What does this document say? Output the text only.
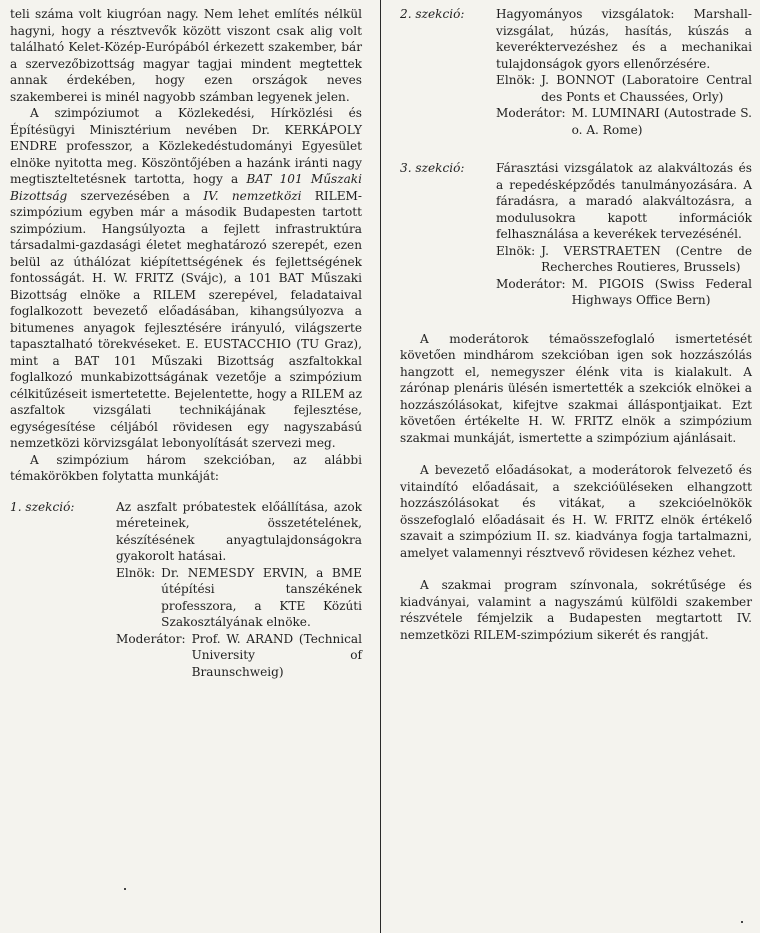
teli száma volt kiugróan nagy. Nem lehet említés nélkül hagyni, hogy a résztvevők között viszont csak alig volt található Kelet-Közép-Európából érkezett szakember, bár a szervezőbizottság magyar tagjai mindent megtettek annak érdekében, hogy ezen országok neves szakemberei is minél nagyobb számban legyenek jelen.

A szimpóziumot a Közlekedési, Hírközlési és Építésügyi Minisztérium nevében Dr. KERKÁPOLY ENDRE professzor, a Közlekedéstudományi Egyesület elnöke nyitotta meg. Köszöntőjében a hazánk iránti nagy megtiszteltetésnek tartotta, hogy a BAT 101 Műszaki Bizottság szervezésében a IV. nemzetközi RILEM-szimpózium egyben már a második Budapesten tartott szimpózium. Hangsúlyozta a fejlett infrastruktúra társadalmi-gazdasági életet meghatározó szerepét, ezen belül az úthálózat kiépítettségének és fejlettségének fontosságát. H. W. FRITZ (Svájc), a 101 BAT Műszaki Bizottság elnöke a RILEM szerepével, feladataival foglalkozott bevezető előadásában, kihangsúlyozva a bitumenes anyagok fejlesztésére irányuló, világszerte tapasztalható törekvéseket. E. EUSTACCHIO (TU Graz), mint a BAT 101 Műszaki Bizottság aszfaltokkal foglalkozó munkabizottságának vezetője a szimpózium célkitűzéseit ismertetette. Bejelentette, hogy a RILEM az aszfaltok vizsgálati technikájának fejlesztése, egységesítése céljából rövidesen egy nagyszabású nemzetközi körvizsgálat lebonyolítását szervezi meg.

A szimpózium három szekcióban, az alábbi témakörökben folytatta munkáját:

1. szekció:	Az aszfalt próbatestek előállítása, azok méreteinek, összetételének, készítésének anyagtulajdonságokra gyakorolt hatásai.

Elnök: Dr. NEMESDY ERVIN, a BME útépítési tanszékének professzora, a KTE Közúti Szakosztályának elnöke.
Moderátor: Prof. W. ARAND (Technical University of Braunschweig)
2. szekció:	Hagyományos vizsgálatok: Marshall-vizsgálat, húzás, hasítás, kúszás a keveréktervezéshez és a mechanikai tulajdonságok gyors ellenőrzésére.

Elnök: J. BONNOT (Laboratoire Central des Ponts et Chaussées, Orly)
Moderátor: M. LUMINARI (Autostrade S. o. A. Rome)
3. szekció:	Fárasztási vizsgálatok az alakváltozás és a repedésképződés tanulmányozására. A fáradásra, a maradó alakváltozásra, a modulusokra kapott információk felhasználása a keverékek tervezésénél.

Elnök: J. VERSTRAETEN (Centre de Recherches Routieres, Brussels)
Moderátor: M. PIGOIS (Swiss Federal Highways Office Bern)

A moderátorok témaösszefoglaló ismertetését követően mindhárom szekcióban igen sok hozzászólás hangzott el, nemegyszer élénk vita is kialakult. A zárónap plenáris ülésén ismertették a szekciók elnökei a hozzászólásokat, kifejtve szakmai álláspontjaikat. Ezt követően értékelte H. W. FRITZ elnök a szimpózium szakmai munkáját, ismertette a szimpózium ajánlásait.

A bevezető előadásokat, a moderátorok felvezető és vitaindító előadásait, a szekcióüléseken elhangzott hozzászólásokat és vitákat, a szekcióelnökök összefoglaló előadásait és H. W. FRITZ elnök értékelő szavait a szimpózium II. sz. kiadványa fogja tartalmazni, amelyet valamennyi résztvevő rövidesen kézhez vehet.

A szakmai program színvonala, sokrétűsége és kiadványai, valamint a nagyszámú külföldi szakember részvétele fémjelzik a Budapesten megtartott IV. nemzetközi RILEM-szimpózium sikerét és rangját.
